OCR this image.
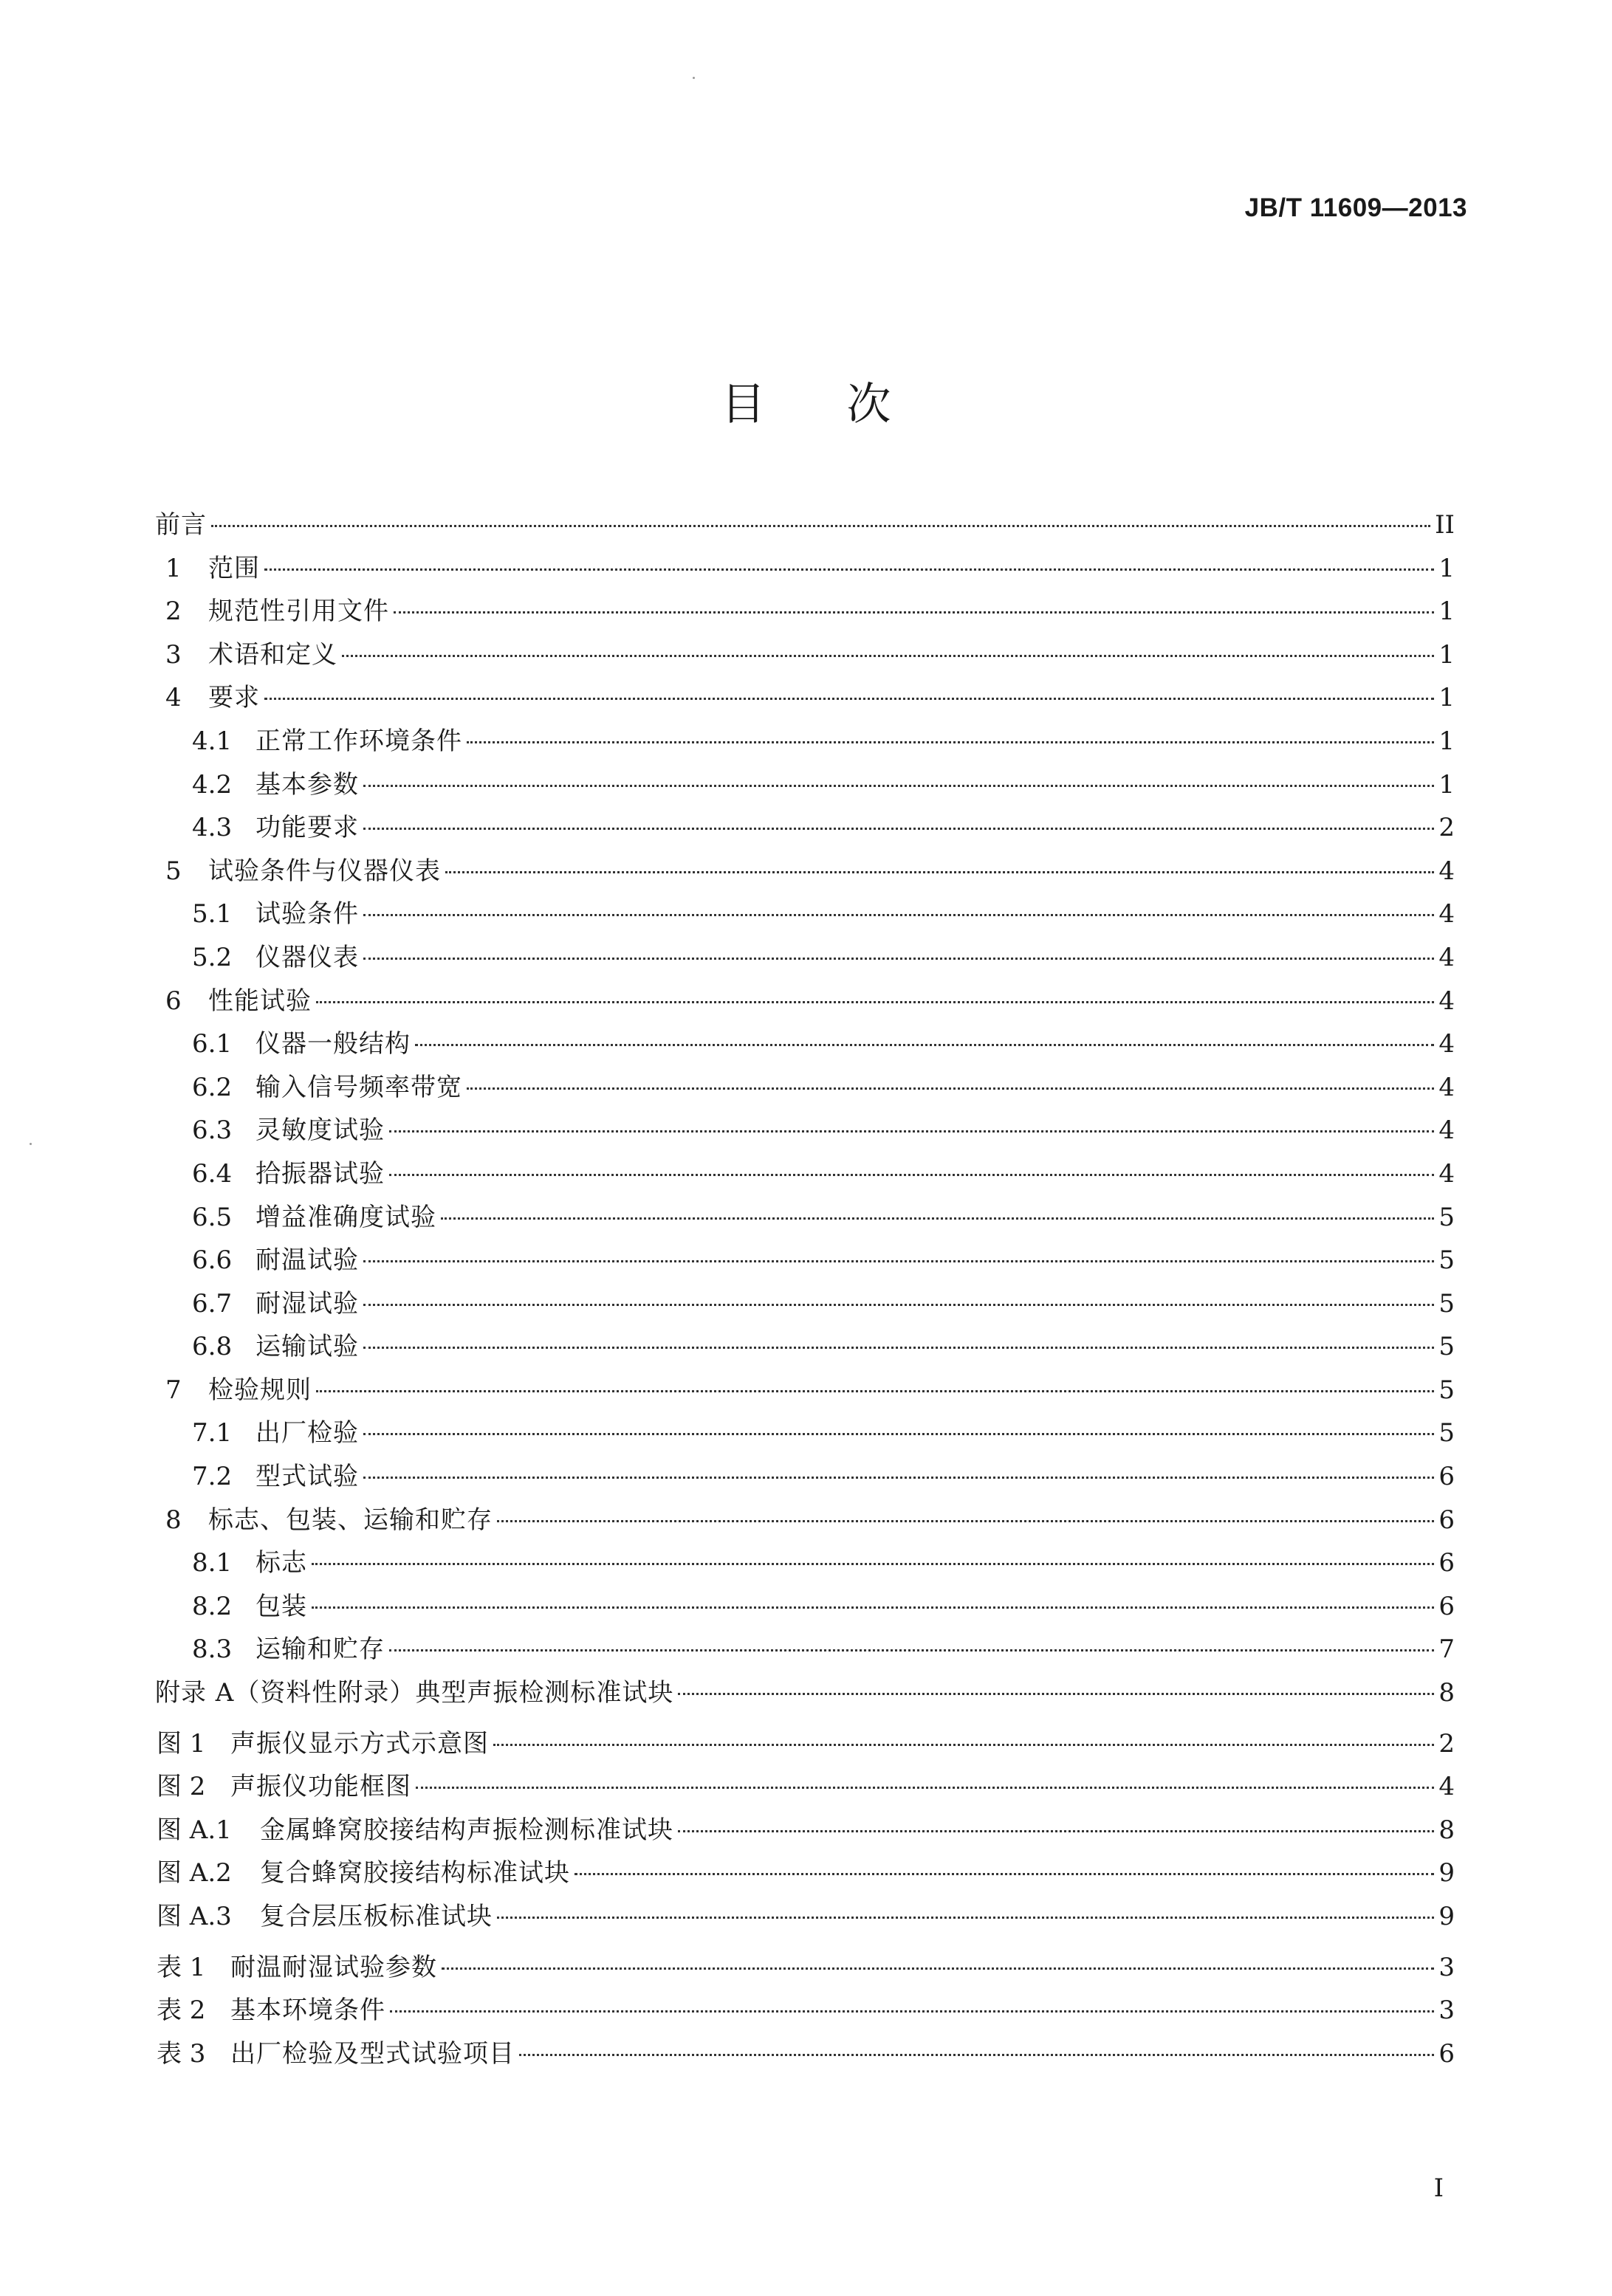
JB/T 11609—2013
目次
前言	II
1	范围	1
2	规范性引用文件	1
3	术语和定义	1
4	要求	1
4.1 正常工作环境条件	1
4.2 基本参数	1
4.3 功能要求	2
5	试验条件与仪器仪表	4
5.1 试验条件	4
5.2 仪器仪表	4
6	性能试验	4
6.1 仪器一般结构	4
6.2 输入信号频率带宽	4
6.3 灵敏度试验	4
6.4 拾振器试验	4
6.5 增益准确度试验	5
6.6 耐温试验	5
6.7 耐湿试验	5
6.8 运输试验	5
7	检验规则	5
7.1 出厂检验	5
7.2 型式试验	6
8	标志、包装、运输和贮存	6
8.1 标志	6
8.2 包装	6
8.3 运输和贮存	7
附录 A（资料性附录）典型声振检测标准试块	8
图 1 声振仪显示方式示意图	2
图 2 声振仪功能框图	4
图 A.1	金属蜂窝胶接结构声振检测标准试块	8
图 A.2	复合蜂窝胶接结构标准试块	9
图 A.3	复合层压板标准试块	9
表 1 耐温耐湿试验参数	3
表 2 基本环境条件	3
表 3 出厂检验及型式试验项目	6
I
